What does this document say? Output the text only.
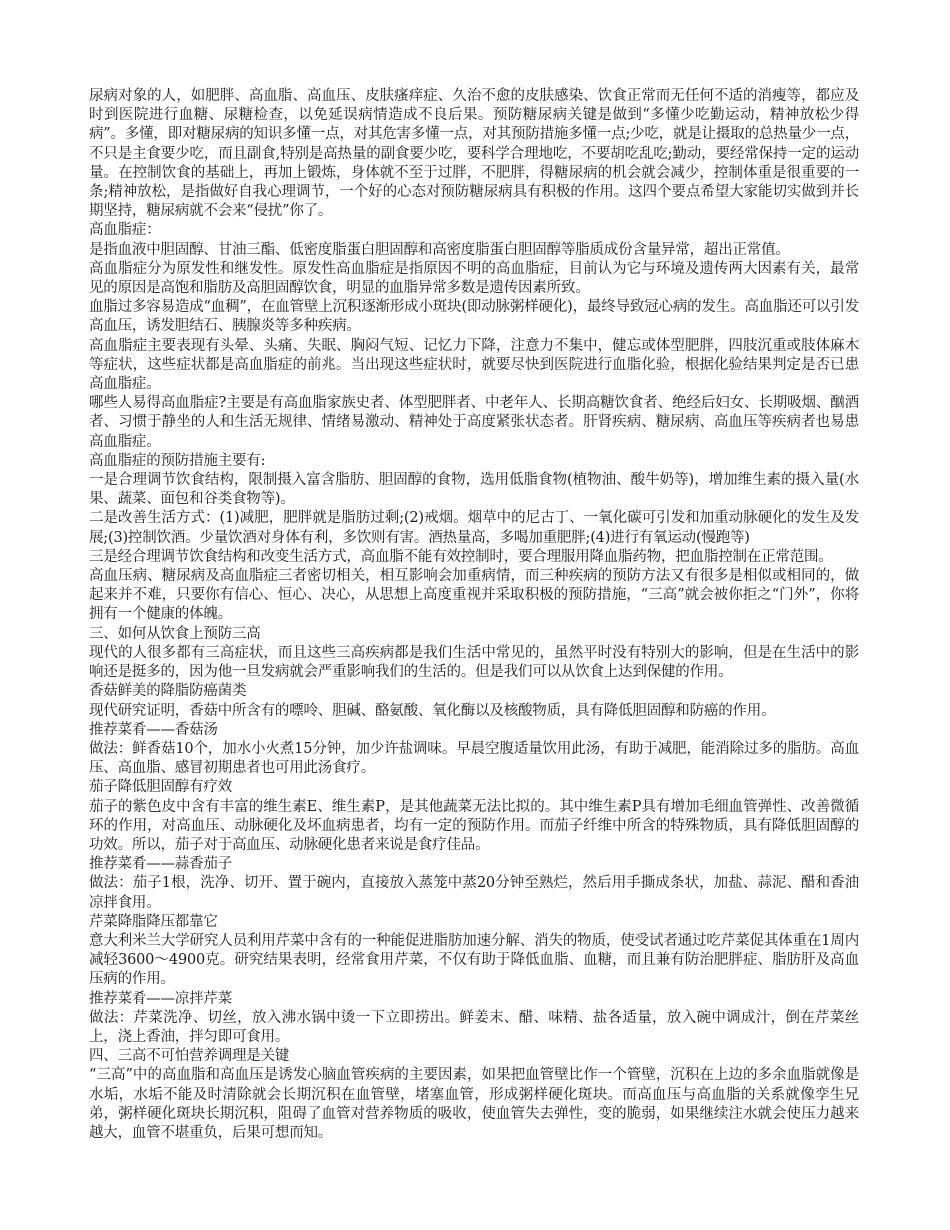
尿病对象的人，如肥胖、高血脂、高血压、皮肤瘙痒症、久治不愈的皮肤感染、饮食正常而无任何不适的消瘦等，都应及时到医院进行血糖、尿糖检查，以免延误病情造成不良后果。预防糖尿病关键是做到“多懂少吃勤运动，精神放松少得病”。多懂，即对糖尿病的知识多懂一点，对其危害多懂一点，对其预防措施多懂一点;少吃，就是让摄取的总热量少一点，不只是主食要少吃，而且副食,特别是高热量的副食要少吃，要科学合理地吃，不要胡吃乱吃;勤动，要经常保持一定的运动量。在控制饮食的基础上，再加上锻炼，身体就不至于过胖，不肥胖，得糖尿病的机会就会减少，控制体重是很重要的一条;精神放松，是指做好自我心理调节，一个好的心态对预防糖尿病具有积极的作用。这四个要点希望大家能切实做到并长期坚持，糖尿病就不会来“侵扰”你了。

高血脂症：

是指血液中胆固醇、甘油三酯、低密度脂蛋白胆固醇和高密度脂蛋白胆固醇等脂质成份含量异常，超出正常值。

高血脂症分为原发性和继发性。原发性高血脂症是指原因不明的高血脂症，目前认为它与环境及遗传两大因素有关，最常见的原因是高饱和脂肪及高胆固醇饮食，明显的血脂异常多数是遗传因素所致。

血脂过多容易造成“血稠”，在血管壁上沉积逐渐形成小斑块(即动脉粥样硬化)，最终导致冠心病的发生。高血脂还可以引发高血压，诱发胆结石、胰腺炎等多种疾病。

高血脂症主要表现有头晕、头痛、失眠、胸闷气短、记忆力下降，注意力不集中，健忘或体型肥胖，四肢沉重或肢体麻木等症状，这些症状都是高血脂症的前兆。当出现这些症状时，就要尽快到医院进行血脂化验，根据化验结果判定是否已患高血脂症。

哪些人易得高血脂症?主要是有高血脂家族史者、体型肥胖者、中老年人、长期高糖饮食者、绝经后妇女、长期吸烟、酗酒者、习惯于静坐的人和生活无规律、情绪易激动、精神处于高度紧张状态者。肝肾疾病、糖尿病、高血压等疾病者也易患高血脂症。

高血脂症的预防措施主要有:

一是合理调节饮食结构，限制摄入富含脂肪、胆固醇的食物，选用低脂食物(植物油、酸牛奶等)，增加维生素的摄入量(水果、蔬菜、面包和谷类食物等)。

二是改善生活方式：(1)减肥，肥胖就是脂肪过剩;(2)戒烟。烟草中的尼古丁、一氧化碳可引发和加重动脉硬化的发生及发展;(3)控制饮酒。少量饮酒对身体有利，多饮则有害。酒热量高，多喝加重肥胖;(4)进行有氧运动(慢跑等)

三是经合理调节饮食结构和改变生活方式，高血脂不能有效控制时，要合理服用降血脂药物，把血脂控制在正常范围。

高血压病、糖尿病及高血脂症三者密切相关，相互影响会加重病情，而三种疾病的预防方法又有很多是相似或相同的，做起来并不难，只要你有信心、恒心、决心，从思想上高度重视并采取积极的预防措施，“三高”就会被你拒之“门外”，你将拥有一个健康的体魄。

三、如何从饮食上预防三高

现代的人很多都有三高症状，而且这些三高疾病都是我们生活中常见的，虽然平时没有特别大的影响，但是在生活中的影响还是挺多的，因为他一旦发病就会严重影响我们的生活的。但是我们可以从饮食上达到保健的作用。

香菇鲜美的降脂防癌菌类

现代研究证明，香菇中所含有的嘌呤、胆碱、酪氨酸、氧化酶以及核酸物质，具有降低胆固醇和防癌的作用。

推荐菜肴——香菇汤

做法：鲜香菇10个，加水小火煮15分钟，加少许盐调味。早晨空腹适量饮用此汤，有助于减肥，能消除过多的脂肪。高血压、高血脂、感冒初期患者也可用此汤食疗。

茄子降低胆固醇有疗效

茄子的紫色皮中含有丰富的维生素E、维生素P，是其他蔬菜无法比拟的。其中维生素P具有增加毛细血管弹性、改善微循环的作用，对高血压、动脉硬化及坏血病患者，均有一定的预防作用。而茄子纤维中所含的特殊物质，具有降低胆固醇的功效。所以，茄子对于高血压、动脉硬化患者来说是食疗佳品。

推荐菜肴——蒜香茄子

做法：茄子1根，洗净、切开、置于碗内，直接放入蒸笼中蒸20分钟至熟烂，然后用手撕成条状，加盐、蒜泥、醋和香油凉拌食用。

芹菜降脂降压都靠它

意大利米兰大学研究人员利用芹菜中含有的一种能促进脂肪加速分解、消失的物质，使受试者通过吃芹菜促其体重在1周内减轻3600～4900克。研究结果表明，经常食用芹菜，不仅有助于降低血脂、血糖，而且兼有防治肥胖症、脂肪肝及高血压病的作用。

推荐菜肴——凉拌芹菜

做法：芹菜洗净、切丝，放入沸水锅中烫一下立即捞出。鲜姜末、醋、味精、盐各适量，放入碗中调成汁，倒在芹菜丝上，浇上香油，拌匀即可食用。

四、三高不可怕营养调理是关键

“三高”中的高血脂和高血压是诱发心脑血管疾病的主要因素，如果把血管壁比作一个管壁，沉积在上边的多余血脂就像是水垢，水垢不能及时清除就会长期沉积在血管壁，堵塞血管，形成粥样硬化斑块。而高血压与高血脂的关系就像孪生兄弟，粥样硬化斑块长期沉积，阻碍了血管对营养物质的吸收，使血管失去弹性，变的脆弱，如果继续注水就会使压力越来越大，血管不堪重负，后果可想而知。
